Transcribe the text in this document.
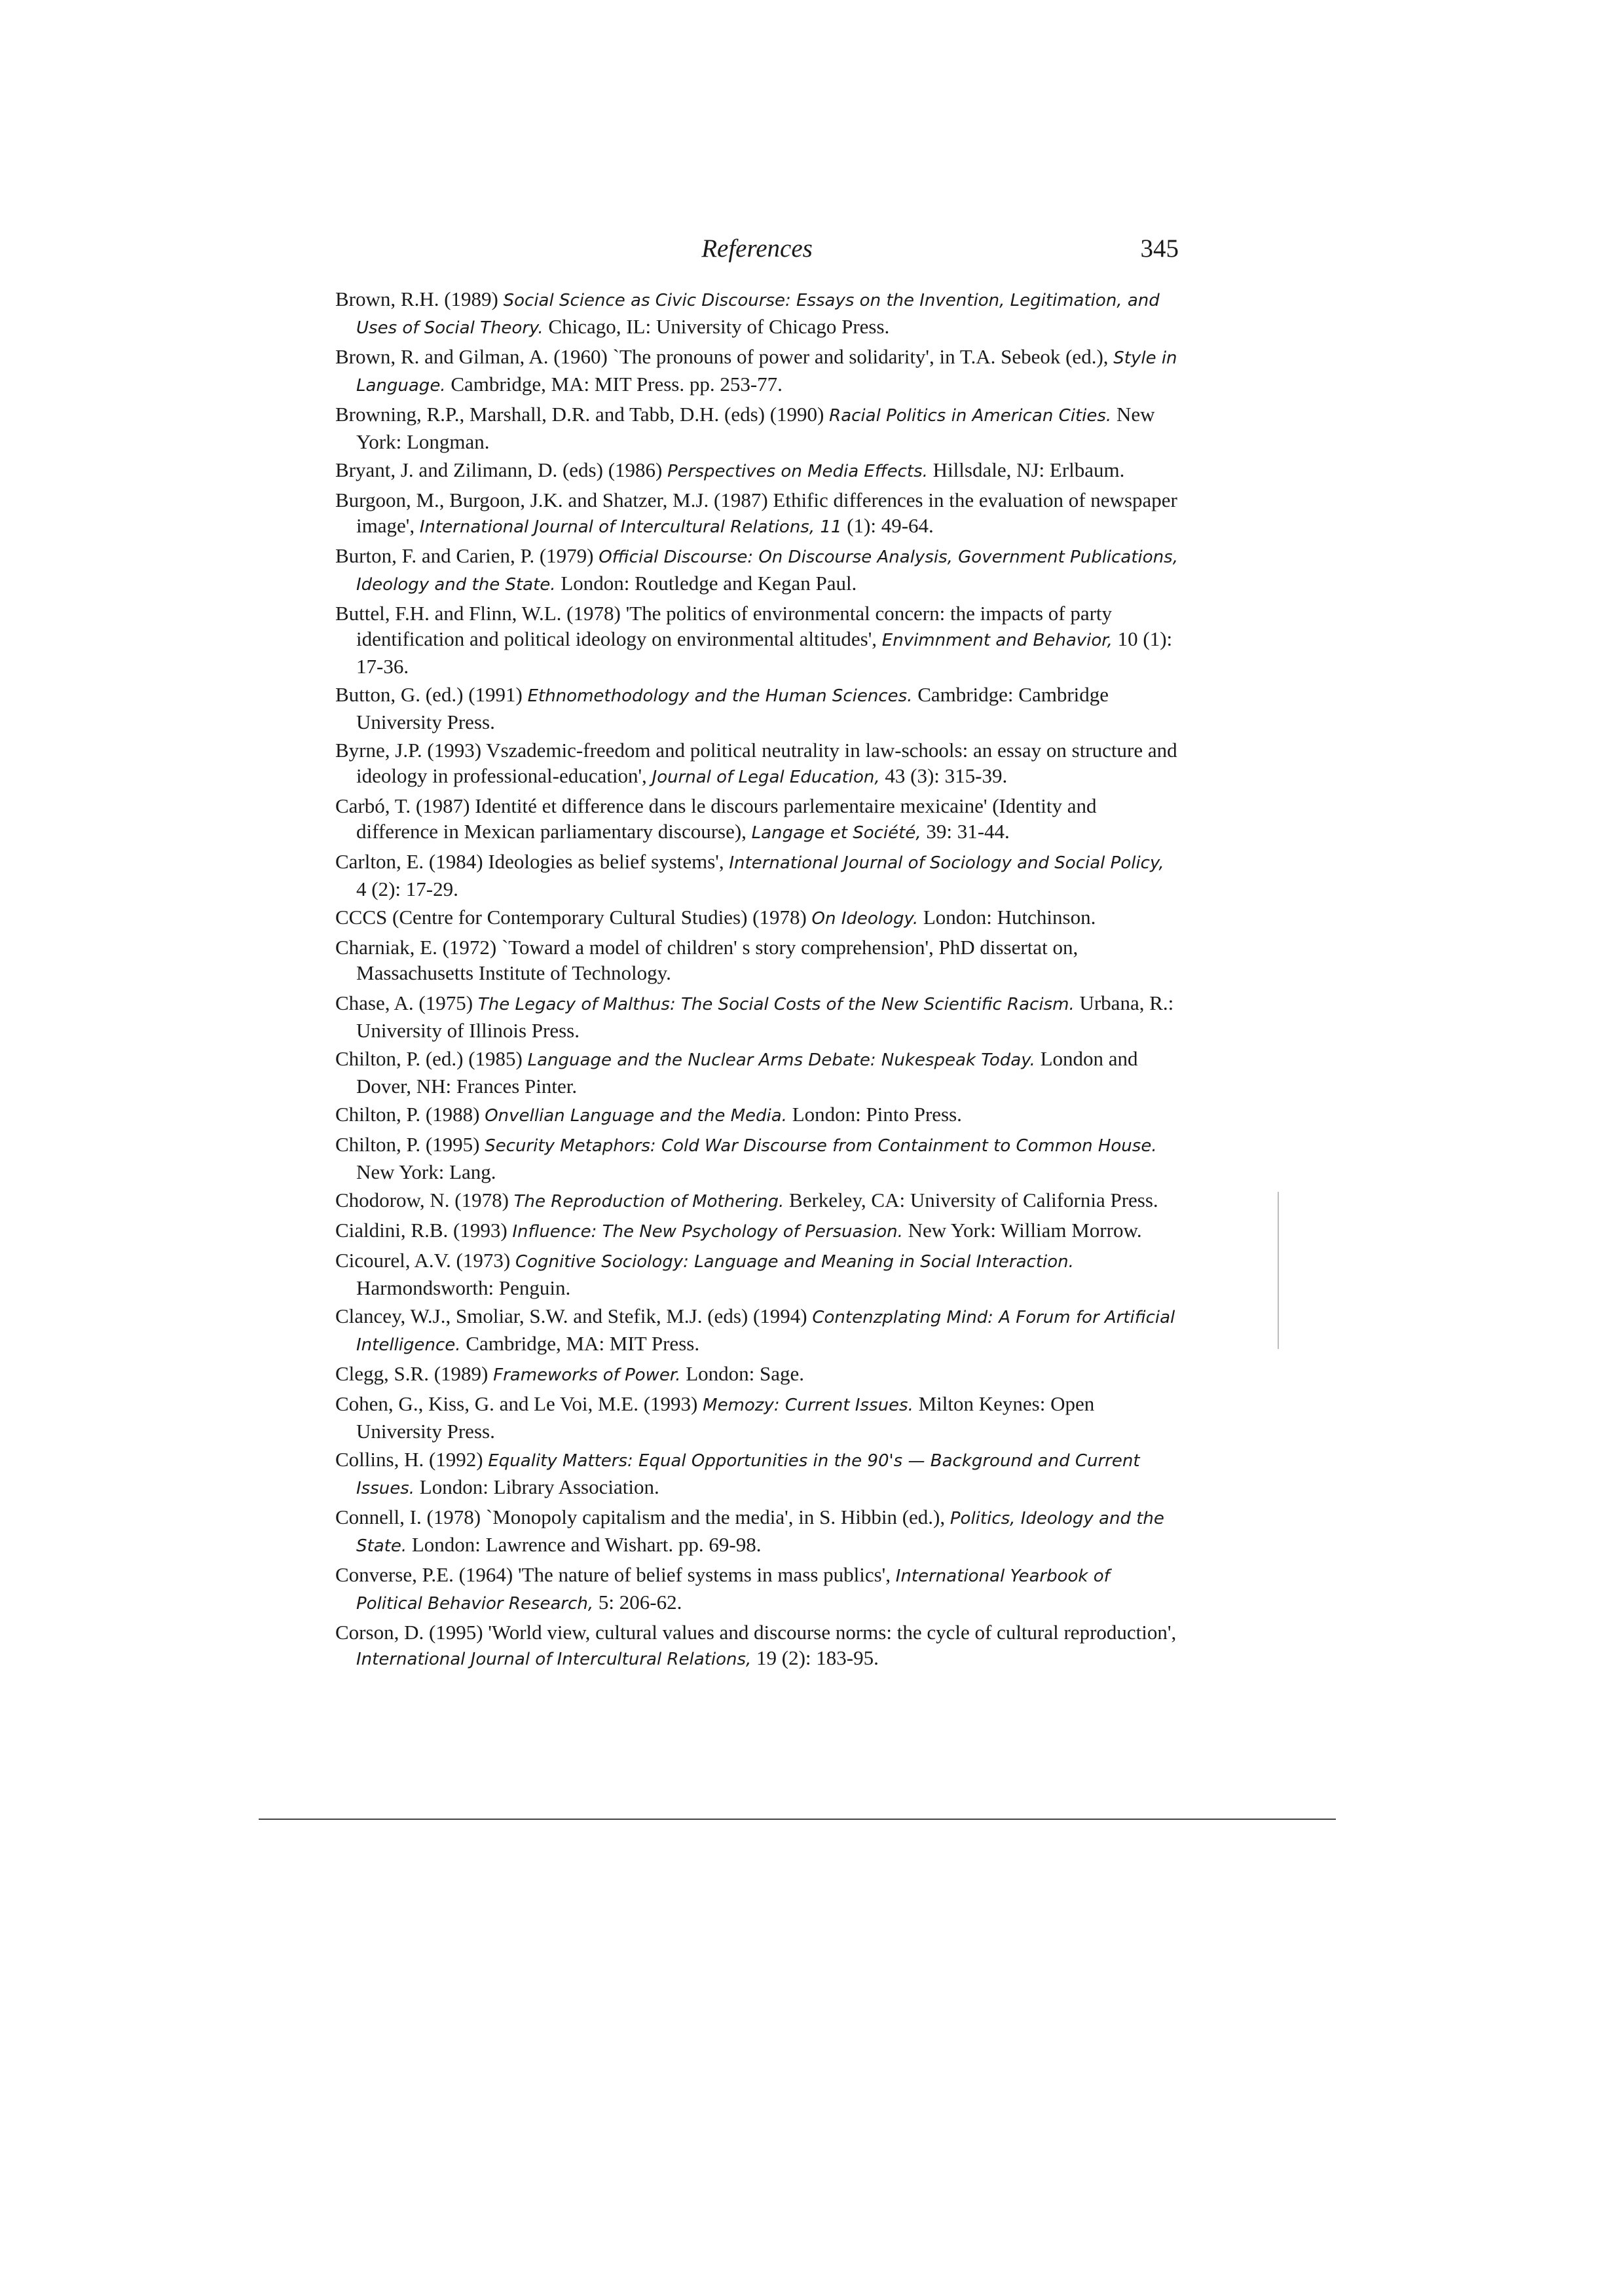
References	345
Brown, R.H. (1989) Social Science as Civic Discourse: Essays on the Invention, Legitimation, and Uses of Social Theory. Chicago, IL: University of Chicago Press.
Brown, R. and Gilman, A. (1960) `The pronouns of power and solidarity', in T.A. Sebeok (ed.), Style in Language. Cambridge, MA: MIT Press. pp. 253-77.
Browning, R.P., Marshall, D.R. and Tabb, D.H. (eds) (1990) Racial Politics in American Cities. New York: Longman.
Bryant, J. and Zilimann, D. (eds) (1986) Perspectives on Media Effects. Hillsdale, NJ: Erlbaum.
Burgoon, M., Burgoon, J.K. and Shatzer, M.J. (1987) Ethific differences in the evaluation of newspaper image', International Journal of Intercultural Relations, 11 (1): 49-64.
Burton, F. and Carien, P. (1979) Official Discourse: On Discourse Analysis, Government Publications, Ideology and the State. London: Routledge and Kegan Paul.
Buttel, F.H. and Flinn, W.L. (1978) 'The politics of environmental concern: the impacts of party identification and political ideology on environmental altitudes', Envimnment and Behavior, 10 (1): 17-36.
Button, G. (ed.) (1991) Ethnomethodology and the Human Sciences. Cambridge: Cambridge University Press.
Byrne, J.P. (1993) Vszademic-freedom and political neutrality in law-schools: an essay on structure and ideology in professional-education', Journal of Legal Education, 43 (3): 315-39.
Carbó, T. (1987) Identité et difference dans le discours parlementaire mexicaine' (Identity and difference in Mexican parliamentary discourse), Langage et Société, 39: 31-44.
Carlton, E. (1984) Ideologies as belief systems', International Journal of Sociology and Social Policy, 4 (2): 17-29.
CCCS (Centre for Contemporary Cultural Studies) (1978) On Ideology. London: Hutchinson.
Charniak, E. (1972) `Toward a model of children' s story comprehension', PhD dissertat on, Massachusetts Institute of Technology.
Chase, A. (1975) The Legacy of Malthus: The Social Costs of the New Scientific Racism. Urbana, R.: University of Illinois Press.
Chilton, P. (ed.) (1985) Language and the Nuclear Arms Debate: Nukespeak Today. London and Dover, NH: Frances Pinter.
Chilton, P. (1988) Onvellian Language and the Media. London: Pinto Press.
Chilton, P. (1995) Security Metaphors: Cold War Discourse from Containment to Common House. New York: Lang.
Chodorow, N. (1978) The Reproduction of Mothering. Berkeley, CA: University of California Press.
Cialdini, R.B. (1993) Influence: The New Psychology of Persuasion. New York: William Morrow.
Cicourel, A.V. (1973) Cognitive Sociology: Language and Meaning in Social Interaction. Harmondsworth: Penguin.
Clancey, W.J., Smoliar, S.W. and Stefik, M.J. (eds) (1994) Contenzplating Mind: A Forum for Artificial Intelligence. Cambridge, MA: MIT Press.
Clegg, S.R. (1989) Frameworks of Power. London: Sage.
Cohen, G., Kiss, G. and Le Voi, M.E. (1993) Memozy: Current Issues. Milton Keynes: Open University Press.
Collins, H. (1992) Equality Matters: Equal Opportunities in the 90's — Background and Current Issues. London: Library Association.
Connell, I. (1978) `Monopoly capitalism and the media', in S. Hibbin (ed.), Politics, Ideology and the State. London: Lawrence and Wishart. pp. 69-98.
Converse, P.E. (1964) 'The nature of belief systems in mass publics', International Yearbook of Political Behavior Research, 5: 206-62.
Corson, D. (1995) 'World view, cultural values and discourse norms: the cycle of cultural reproduction', International Journal of Intercultural Relations, 19 (2): 183-95.
